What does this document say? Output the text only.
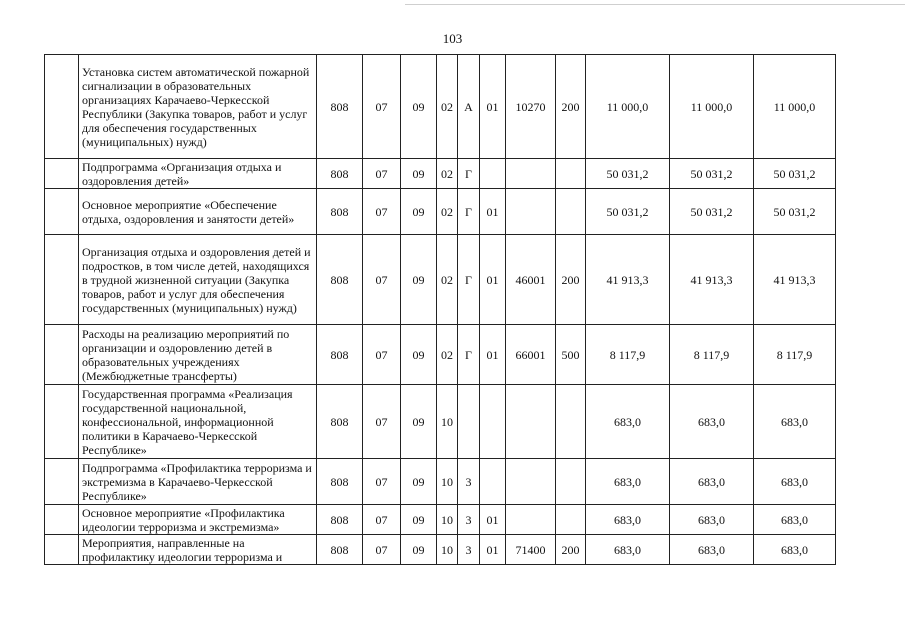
103
	Установка систем автоматической пожарной сигнализации в образовательных организациях Карачаево-Черкесской Республики (Закупка товаров, работ и услуг для обеспечения государственных (муниципальных) нужд)	808	07	09	02	А	01	10270	200	11 000,0	11 000,0	11 000,0
	Подпрограмма «Организация отдыха и оздоровления детей»	808	07	09	02	Г				50 031,2	50 031,2	50 031,2
	Основное мероприятие «Обеспечение отдыха, оздоровления и занятости детей»	808	07	09	02	Г	01			50 031,2	50 031,2	50 031,2
	Организация отдыха и оздоровления детей и подростков, в том числе детей, находящихся в трудной жизненной ситуации (Закупка товаров, работ и услуг для обеспечения государственных (муниципальных) нужд)	808	07	09	02	Г	01	46001	200	41 913,3	41 913,3	41 913,3
	Расходы на реализацию мероприятий по организации и оздоровлению детей в образовательных учреждениях (Межбюджетные трансферты)	808	07	09	02	Г	01	66001	500	8 117,9	8 117,9	8 117,9
	Государственная программа «Реализация государственной национальной, конфессиональной, информационной политики в Карачаево-Черкесской Республике»	808	07	09	10					683,0	683,0	683,0
	Подпрограмма «Профилактика терроризма и экстремизма в Карачаево-Черкесской Республике»	808	07	09	10	3				683,0	683,0	683,0
	Основное мероприятие «Профилактика идеологии терроризма и экстремизма»	808	07	09	10	3	01			683,0	683,0	683,0
	Мероприятия, направленные на профилактику идеологии терроризма и	808	07	09	10	3	01	71400	200	683,0	683,0	683,0
